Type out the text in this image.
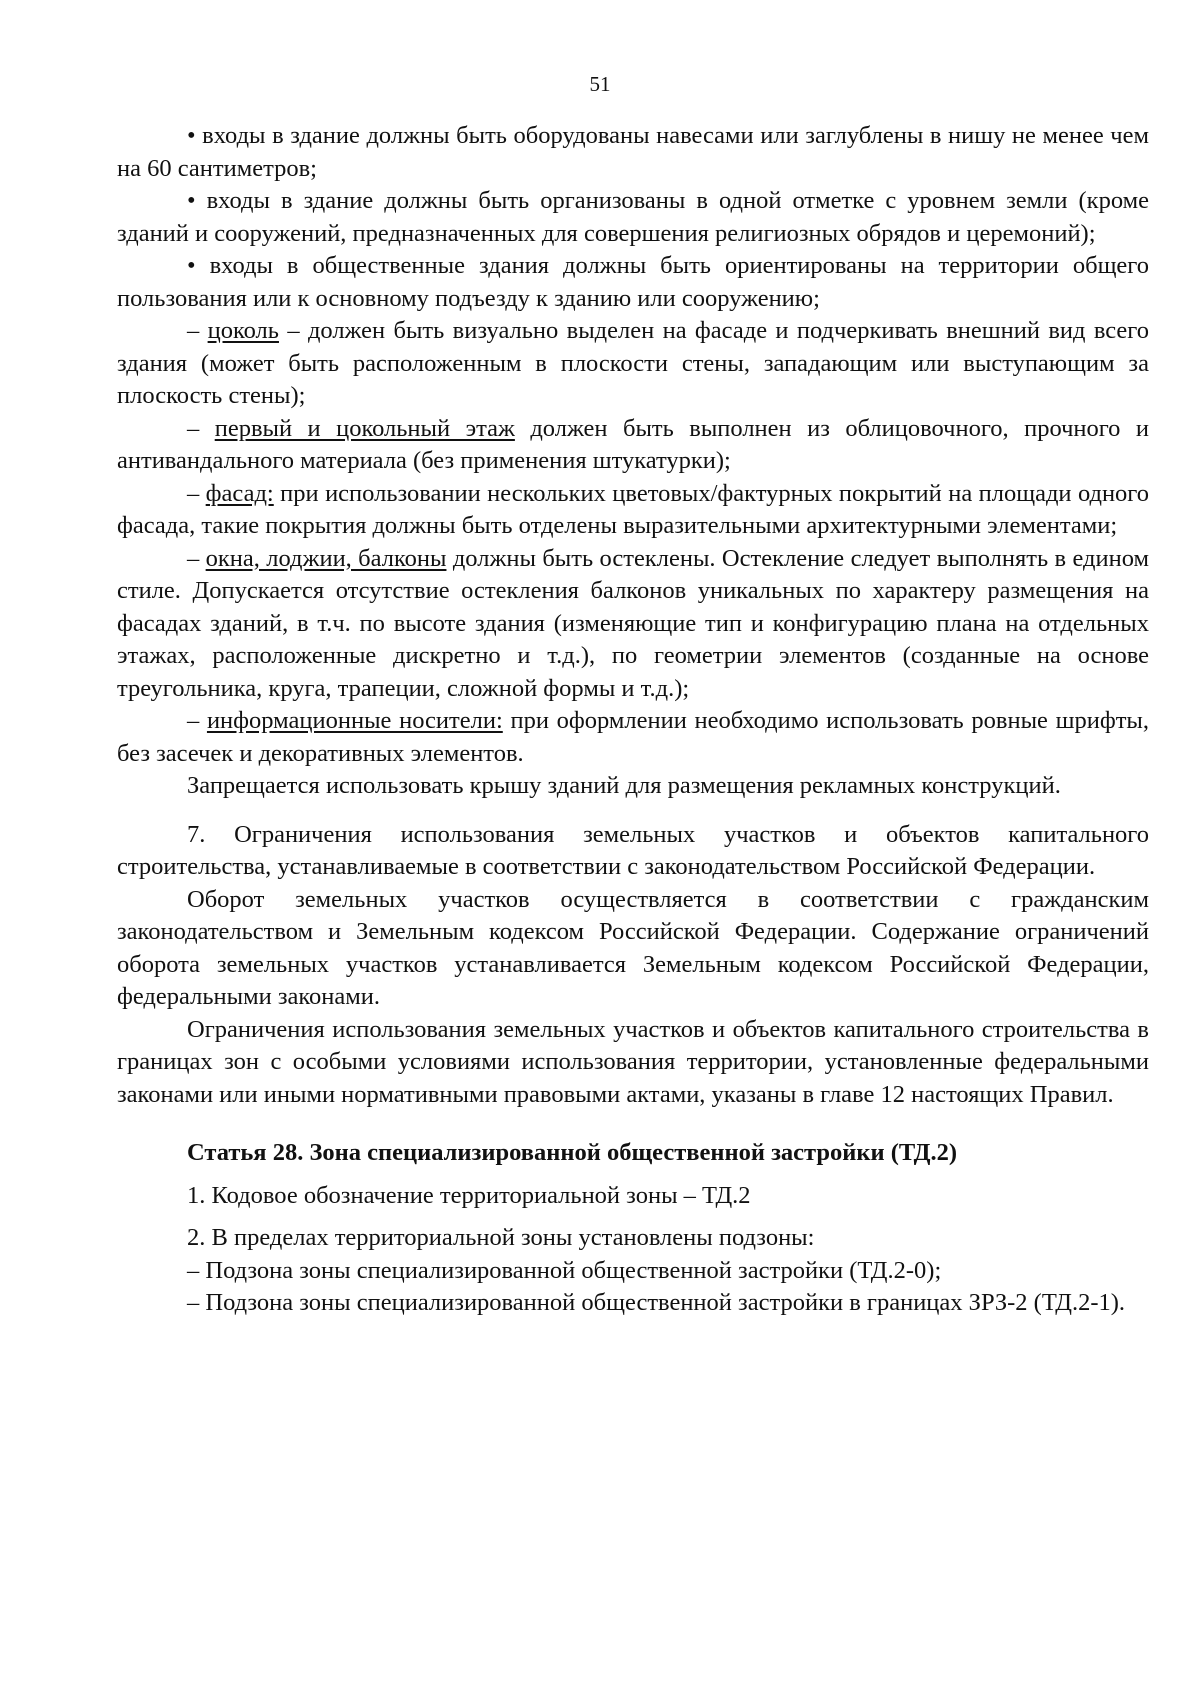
51

• входы в здание должны быть оборудованы навесами или заглублены в нишу не менее чем на 60 сантиметров;

• входы в здание должны быть организованы в одной отметке с уровнем земли (кроме зданий и сооружений, предназначенных для совершения религиозных обрядов и церемоний);

• входы в общественные здания должны быть ориентированы на территории общего пользования или к основному подъезду к зданию или сооружению;

– цоколь – должен быть визуально выделен на фасаде и подчеркивать внешний вид всего здания (может быть расположенным в плоскости стены, западающим или выступающим за плоскость стены);

– первый и цокольный этаж должен быть выполнен из облицовочного, прочного и антивандального материала (без применения штукатурки);

– фасад: при использовании нескольких цветовых/фактурных покрытий на площади одного фасада, такие покрытия должны быть отделены выразительными архитектурными элементами;

– окна, лоджии, балконы должны быть остеклены. Остекление следует выполнять в едином стиле. Допускается отсутствие остекления балконов уникальных по характеру размещения на фасадах зданий, в т.ч. по высоте здания (изменяющие тип и конфигурацию плана на отдельных этажах, расположенные дискретно и т.д.), по геометрии элементов (созданные на основе треугольника, круга, трапеции, сложной формы и т.д.);

– информационные носители: при оформлении необходимо использовать ровные шрифты, без засечек и декоративных элементов.

Запрещается использовать крышу зданий для размещения рекламных конструкций.

7. Ограничения использования земельных участков и объектов капитального строительства, устанавливаемые в соответствии с законодательством Российской Федерации.

Оборот земельных участков осуществляется в соответствии с гражданским законодательством и Земельным кодексом Российской Федерации. Содержание ограничений оборота земельных участков устанавливается Земельным кодексом Российской Федерации, федеральными законами.

Ограничения использования земельных участков и объектов капитального строительства в границах зон с особыми условиями использования территории, установленные федеральными законами или иными нормативными правовыми актами, указаны в главе 12 настоящих Правил.

Статья 28. Зона специализированной общественной застройки (ТД.2)

1. Кодовое обозначение территориальной зоны – ТД.2

2. В пределах территориальной зоны установлены подзоны:

– Подзона зоны специализированной общественной застройки (ТД.2-0);

– Подзона зоны специализированной общественной застройки в границах ЗРЗ-2 (ТД.2-1).
